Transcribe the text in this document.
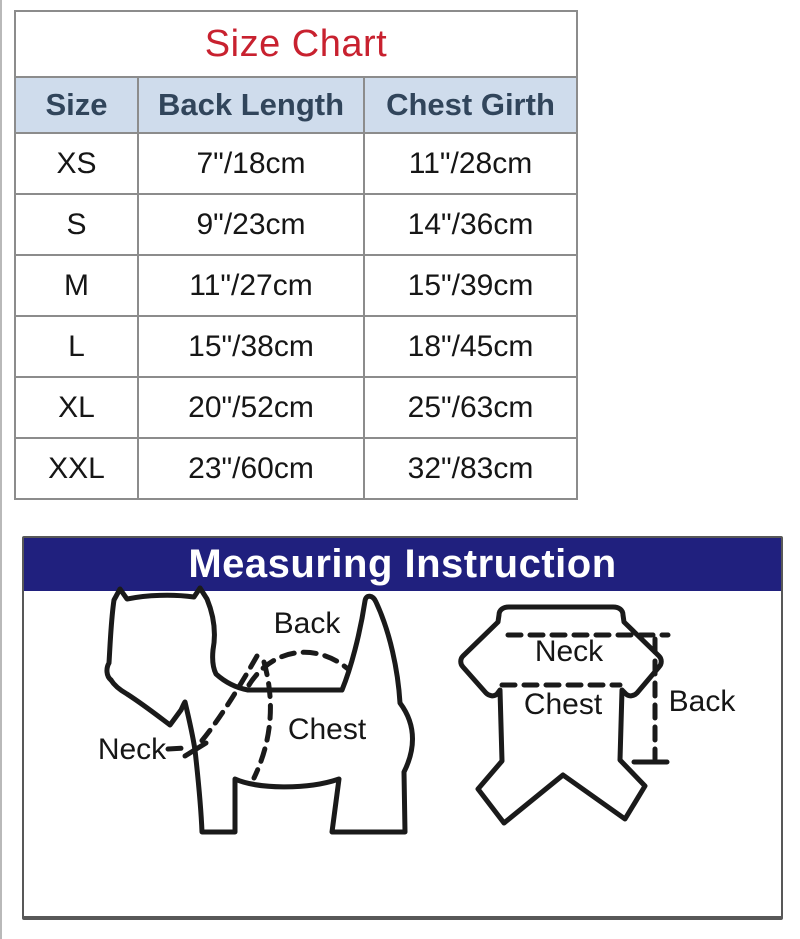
Size Chart		
Size	Back Length	Chest Girth
XS	7"/18cm	11"/28cm
S	9"/23cm	14"/36cm
M	11"/27cm	15"/39cm
L	15"/38cm	18"/45cm
XL	20"/52cm	25"/63cm
XXL	23"/60cm	32"/83cm
Measuring Instruction
Back
Neck
Chest
Neck
Chest Back
